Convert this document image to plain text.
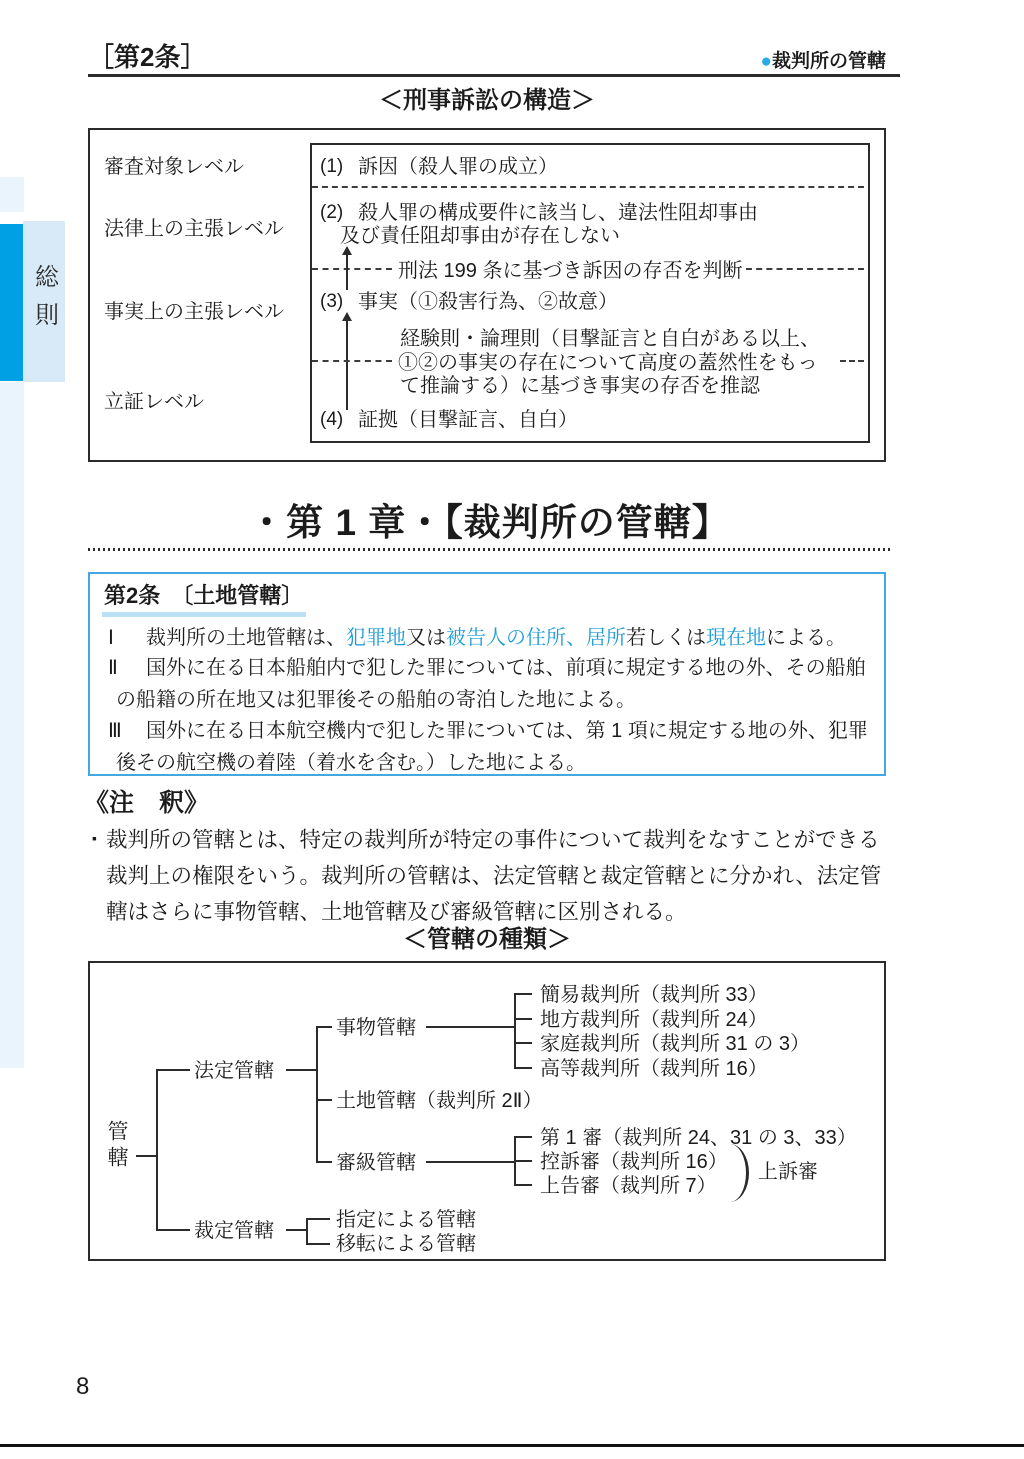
総則
［第2条］	●裁判所の管轄
＜刑事訴訟の構造＞
審査対象レベル
法律上の主張レベル
事実上の主張レベル
立証レベル
(1) 訴因（殺人罪の成立）
(2) 殺人罪の構成要件に該当し、違法性阻却事由
及び責任阻却事由が存在しない
刑法 199 条に基づき訴因の存否を判断
(3) 事実（①殺害行為、②故意）
経験則・論理則（目撃証言と自白がある以上、
①②の事実の存在について高度の蓋然性をもっ
て推論する）に基づき事実の存否を推認
(4) 証拠（目撃証言、自白）
・第 1 章・【裁判所の管轄】
第2条　〔土地管轄〕
Ⅰ 裁判所の土地管轄は、犯罪地又は被告人の住所、居所若しくは現在地による。
Ⅱ 国外に在る日本船舶内で犯した罪については、前項に規定する地の外、その船舶
の船籍の所在地又は犯罪後その船舶の寄泊した地による。
Ⅲ 国外に在る日本航空機内で犯した罪については、第 1 項に規定する地の外、犯罪
後その航空機の着陸（着水を含む。）した地による。
《注　釈》
▪ 裁判所の管轄とは、特定の裁判所が特定の事件について裁判をなすことができる
裁判上の権限をいう。裁判所の管轄は、法定管轄と裁定管轄とに分かれ、法定管
轄はさらに事物管轄、土地管轄及び審級管轄に区別される。
＜管轄の種類＞
管轄
法定管轄
裁定管轄
事物管轄
土地管轄（裁判所 2Ⅱ）
審級管轄
簡易裁判所（裁判所 33）
地方裁判所（裁判所 24）
家庭裁判所（裁判所 31 の 3）
高等裁判所（裁判所 16）
第 1 審（裁判所 24、31 の 3、33）
控訴審（裁判所 16）
上告審（裁判所 7）
上訴審
指定による管轄
移転による管轄
8
